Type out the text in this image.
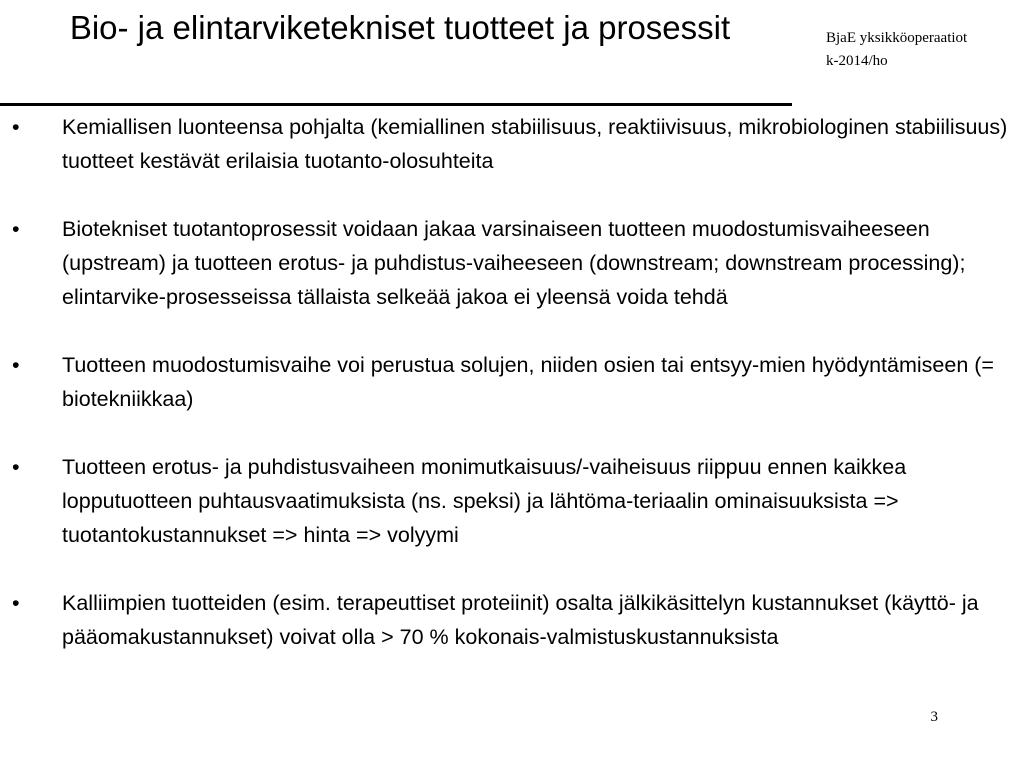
Bio- ja elintarviketekniset tuotteet ja prosessit	BjaE yksikköoperaatiot
k-2014/ho
• Kemiallisen luonteensa pohjalta (kemiallinen stabiilisuus, reaktiivisuus, mikrobiologinen stabiilisuus) tuotteet kestävät erilaisia tuotanto-olosuhteita
• Biotekniset tuotantoprosessit voidaan jakaa varsinaiseen tuotteen muodostumisvaiheeseen (upstream) ja tuotteen erotus- ja puhdistus-vaiheeseen (downstream; downstream processing); elintarvike-prosesseissa tällaista selkeää jakoa ei yleensä voida tehdä
• Tuotteen muodostumisvaihe voi perustua solujen, niiden osien tai entsyy-mien hyödyntämiseen (= biotekniikkaa)
• Tuotteen erotus- ja puhdistusvaiheen monimutkaisuus/-vaiheisuus riippuu ennen kaikkea lopputuotteen puhtausvaatimuksista (ns. speksi) ja lähtöma-teriaalin ominaisuuksista => tuotantokustannukset => hinta => volyymi
• Kalliimpien tuotteiden (esim. terapeuttiset proteiinit) osalta jälkikäsittelyn kustannukset (käyttö- ja pääomakustannukset) voivat olla > 70 % kokonais-valmistuskustannuksista
3
